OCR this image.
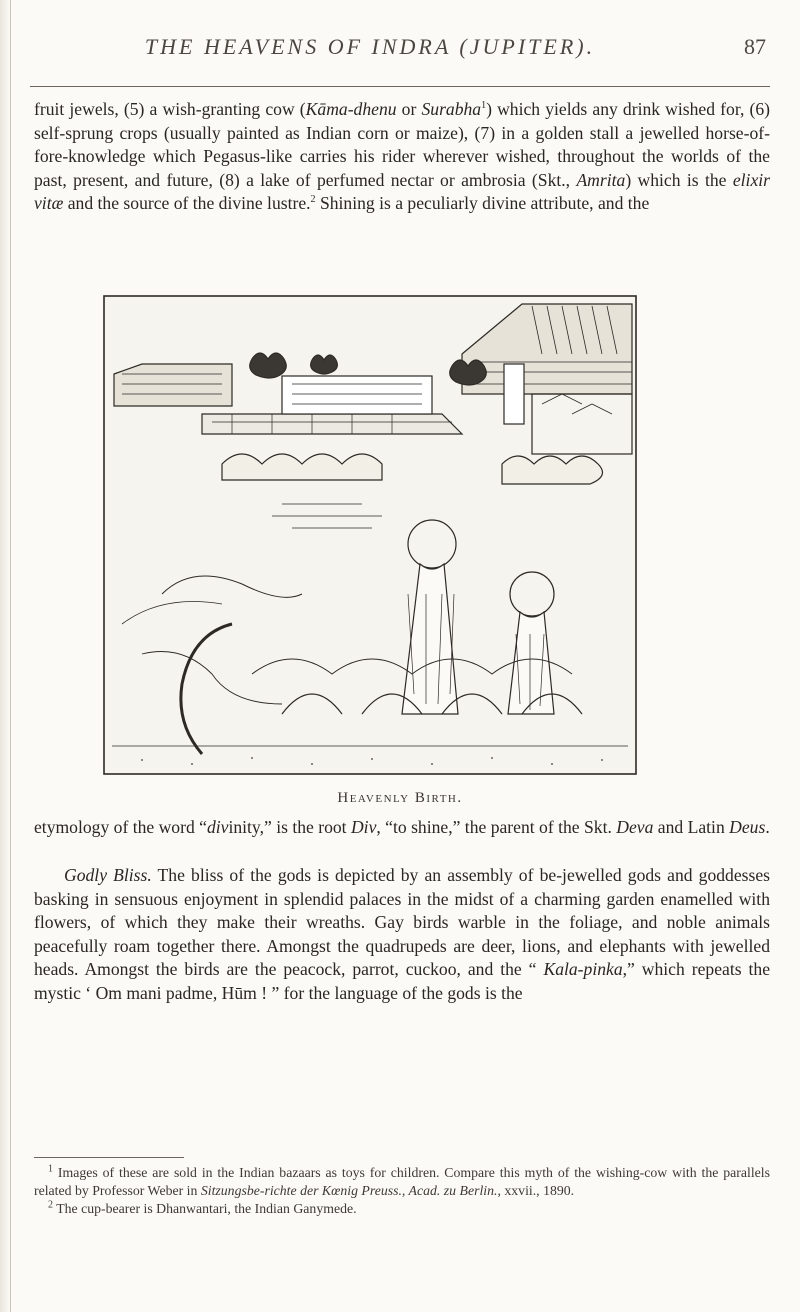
THE HEAVENS OF INDRA (JUPITER).	87

fruit jewels, (5) a wish-granting cow (Kāma-dhenu or Surabha$^1$) which yields any drink wished for, (6) self-sprung crops (usually painted as Indian corn or maize), (7) in a golden stall a jewelled horse-of-fore-knowledge which Pegasus-like carries his rider wherever wished, throughout the worlds of the past, present, and future, (8) a lake of perfumed nectar or ambrosia (Skt., Amrita) which is the elixir vitæ and the source of the divine lustre.$^2$ Shining is a peculiarly divine attribute, and the

Heavenly Birth.

etymology of the word “divinity,” is the root Div, “to shine,” the parent of the Skt. Deva and Latin Deus.

Godly Bliss. The bliss of the gods is depicted by an assembly of be-jewelled gods and goddesses basking in sensuous enjoyment in splendid palaces in the midst of a charming garden enamelled with flowers, of which they make their wreaths. Gay birds warble in the foliage, and noble animals peacefully roam together there. Amongst the quadrupeds are deer, lions, and elephants with jewelled heads. Amongst the birds are the peacock, parrot, cuckoo, and the “ Kala-pinka,” which repeats the mystic ‘ Om mani padme, Hūm ! ” for the language of the gods is the

$^1$ Images of these are sold in the Indian bazaars as toys for children. Compare this myth of the wishing-cow with the parallels related by Professor Weber in Sitzungsbe-richte der Kœnig Preuss., Acad. zu Berlin., xxvii., 1890.

$^2$ The cup-bearer is Dhanwantari, the Indian Ganymede.
